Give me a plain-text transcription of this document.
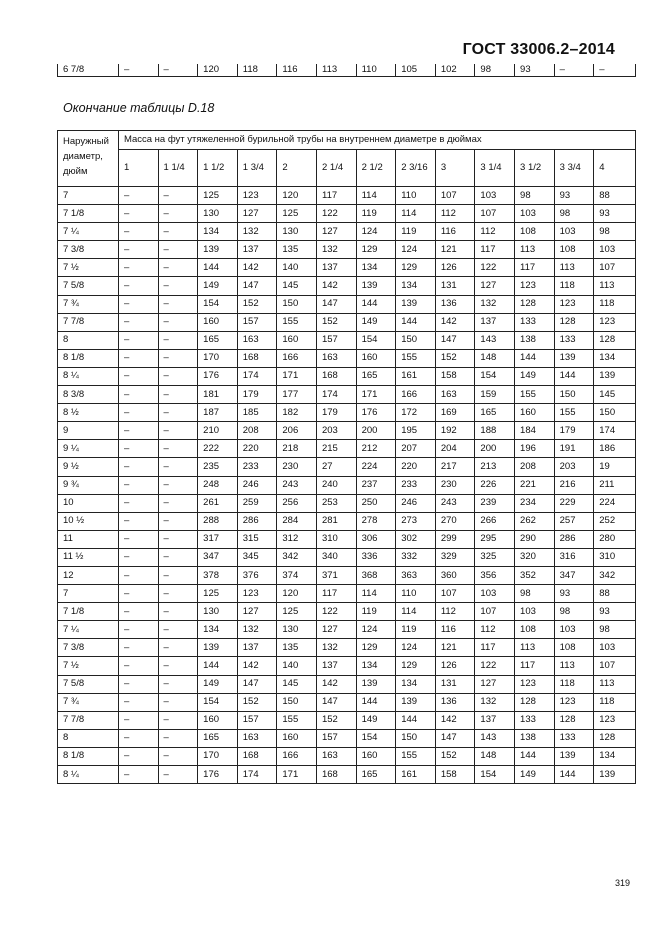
ГОСТ 33006.2–2014
6 7/8	–	–	120	118	116	113	110	105	102	98	93	–	–
Окончание таблицы D.18
Наружный диаметр, дюйм	Масса на фут утяжеленной бурильной трубы на внутреннем диаметре в дюймах												
	1	1 1/4	1 1/2	1 3/4	2	2 1/4	2 1/2	2 3/16	3	3 1/4	3 1/2	3 3/4	4
7	–	–	125	123	120	117	114	110	107	103	98	93	88
7 1/8	–	–	130	127	125	122	119	114	112	107	103	98	93
7 ¼	–	–	134	132	130	127	124	119	116	112	108	103	98
7 3/8	–	–	139	137	135	132	129	124	121	117	113	108	103
7 ½	–	–	144	142	140	137	134	129	126	122	117	113	107
7 5/8	–	–	149	147	145	142	139	134	131	127	123	118	113
7 ¾	–	–	154	152	150	147	144	139	136	132	128	123	118
7 7/8	–	–	160	157	155	152	149	144	142	137	133	128	123
8	–	–	165	163	160	157	154	150	147	143	138	133	128
8 1/8	–	–	170	168	166	163	160	155	152	148	144	139	134
8 ¼	–	–	176	174	171	168	165	161	158	154	149	144	139
8 3/8	–	–	181	179	177	174	171	166	163	159	155	150	145
8 ½	–	–	187	185	182	179	176	172	169	165	160	155	150
9	–	–	210	208	206	203	200	195	192	188	184	179	174
9 ¼	–	–	222	220	218	215	212	207	204	200	196	191	186
9 ½	–	–	235	233	230	27	224	220	217	213	208	203	19
9 ¾	–	–	248	246	243	240	237	233	230	226	221	216	211
10	–	–	261	259	256	253	250	246	243	239	234	229	224
10 ½	–	–	288	286	284	281	278	273	270	266	262	257	252
11	–	–	317	315	312	310	306	302	299	295	290	286	280
11 ½	–	–	347	345	342	340	336	332	329	325	320	316	310
12	–	–	378	376	374	371	368	363	360	356	352	347	342
7	–	–	125	123	120	117	114	110	107	103	98	93	88
7 1/8	–	–	130	127	125	122	119	114	112	107	103	98	93
7 ¼	–	–	134	132	130	127	124	119	116	112	108	103	98
7 3/8	–	–	139	137	135	132	129	124	121	117	113	108	103
7 ½	–	–	144	142	140	137	134	129	126	122	117	113	107
7 5/8	–	–	149	147	145	142	139	134	131	127	123	118	113
7 ¾	–	–	154	152	150	147	144	139	136	132	128	123	118
7 7/8	–	–	160	157	155	152	149	144	142	137	133	128	123
8	–	–	165	163	160	157	154	150	147	143	138	133	128
8 1/8	–	–	170	168	166	163	160	155	152	148	144	139	134
8 ¼	–	–	176	174	171	168	165	161	158	154	149	144	139
319
